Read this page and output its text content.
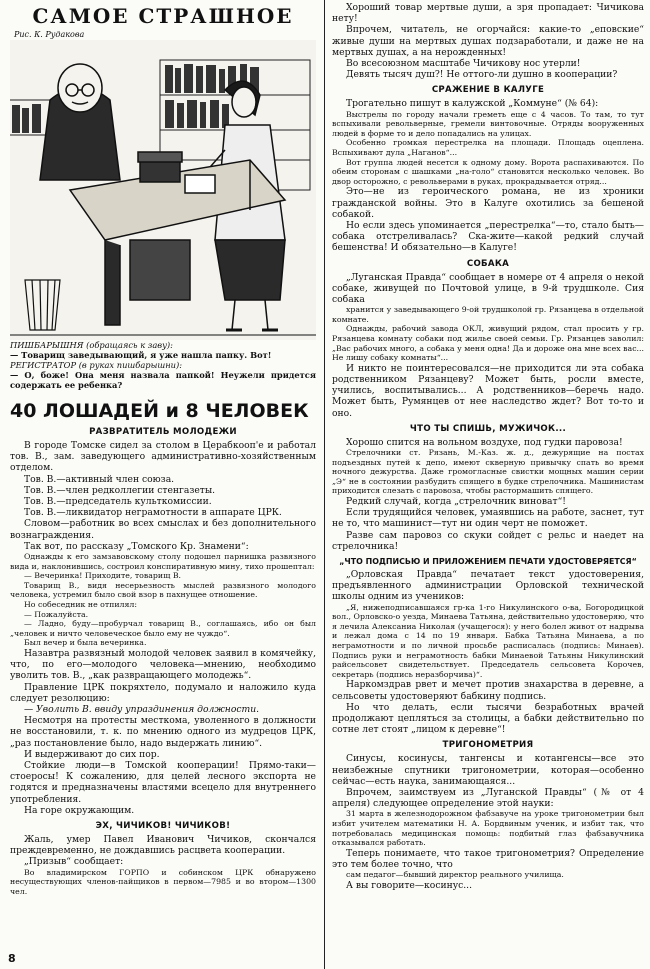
САМОЕ СТРАШНОЕ
Рис. К. Рудакова

ПИШБАРЫШНЯ (обращаясь к заву):
— Товарищ заведывающий, я уже нашла папку. Вот!

РЕГИСТРАТОР (в руках пишбарышни):
— О, боже! Она меня назвала папкой! Неужели придется содержать ее ребенка?

40 ЛОШАДЕЙ и 8 ЧЕЛОВЕК
РАЗВРАТИТЕЛЬ МОЛОДЕЖИ

В городе Томске сидел за столом в Церабкооп'е и работал тов. В., зам. заведующего административно-хозяйственным отделом.

Тов. В.—активный член союза.

Тов. В.—член редколлегии стенгазеты.

Тов. В.—председатель культкомиссии.

Тов. В.—ликвидатор неграмотности в аппарате ЦРК.

Словом—работник во всех смыслах и без дополнительного вознаграждения.

Так вот, по рассказу „Томского Кр. Знамени“:

Однажды к его замзавовскому столу подошел парнишка развязного вида и, наклонившись, состроил конспиративную мину, тихо прошептал:

— Вечеринка! Приходите, товарищ В.

Товарищ В., видя несерьезность мыслей развязного молодого человека, устремил было свой взор в пахнущее отношение.

Но собеседник не отпилял:

— Пожалуйста.

— Ладно, буду—пробурчал товарищ В., соглашаясь, ибо он был „человек и ничто человеческое было ему не чуждо“.

Был вечер и была вечеринка.

Назавтра развязный молодой человек заявил в комячейку, что, по его—молодого человека—мнению, необходимо уволить тов. В., „как развращающего молодежь“.

Правление ЦРК покряхтело, подумало и наложило куда следует резолюцию:

— Уволить В. ввиду упраздинения должности.

Несмотря на протесты месткома, уволенного в должности не восстановили, т. к. по мнению одного из мудрецов ЦРК, „раз постановление было, надо выдержать линию“.

И выдерживают до сих пор.

Стойкие люди—в Томской кооперации! Прямо-таки—стоеросы! К сожалению, для целей лесного экспорта не годятся и предназначены властями всецело для внутреннего употребления.

На горе окружающим.

ЭХ, ЧИЧИКОВ! ЧИЧИКОВ!

Жаль, умер Павел Иванович Чичиков, скончался преждевременно, не дождавшись расцвета кооперации.

„Призыв“ сообщает:

Во владимирском ГОРПО и собинском ЦРК обнаружено несуществующих членов-пайщиков в первом—7985 и во втором—1300 чел.

Хороший товар мертвые души, а зря пропадает: Чичикова нету!

Впрочем, читатель, не огорчайся: какие-то „еповские“ живые души на мертвых душах подзаработали, и даже не на мертвых душах, а на нерожденных!

Во всесоюзном масштабе Чичикову нос утерли!

Девять тысяч душ?! Не оттого-ли душно в кооперации?

СРАЖЕНИЕ В КАЛУГЕ

Трогательно пишут в калужской „Коммуне“ (№ 64):

Выстрелы по городу начали греметь еще с 4 часов. То там, то тут вспыхивали револьверные, гремели винтовочные. Отряды вооруженных людей в форме то и дело попадались на улицах.

Особенно громкая перестрелка на площади. Площадь оцеплена. Вспыхивают дула „Наганов“...

Вот группа людей несется к одному дому. Ворота распахиваются. По обеим сторонам с шашками „на-голо“ становятся несколько человек. Во двор осторожно, с револьверами в руках, прокрадывается отряд...

Это—не из героического романа, не из хроники гражданской войны. Это в Калуге охотились за бешеной собакой.

Но если здесь упоминается „перестрелка“—то, стало быть—собака отстреливалась? Ска-жите—какой редкий случай бешенства! И обязательно—в Калуге!

СОБАКА

„Луганская Правда“ сообщает в номере от 4 апреля о некой собаке, живущей по Почтовой улице, в 9-й трудшколе. Сия собака

хранится у заведывающего 9-ой трудшколой гр. Рязанцева в отдельной комнате.

Однажды, рабочий завода ОКЛ, живущий рядом, стал просить у гр. Рязанцева комнату собаки под жилье своей семьи. Гр. Рязанцев заволил: „Вас рабочих много, а собака у меня одна! Да и дороже она мне всех вас... Не лишу собаку комнаты“...

И никто не поинтересовался—не приходится ли эта собака родственником Рязанцеву? Может быть, росли вместе, учились, воспитывались... А родственников—беречь надо. Может быть, Румянцев от нее наследство ждет? Вот то-то и оно.

ЧТО ТЫ СПИШЬ, МУЖИЧОК...

Хорошо спится на вольном воздухе, под гудки паровоза!

Стрелочники ст. Рязань, М.-Каз. ж. д., дежурящие на постах подъездных путей к депо, имеют скверную привычку спать во время ночного дежурства. Даже громогласные свистки мощных машин серии „Э“ не в состоянии разбудить спящего в будке стрелочника. Машинистам приходится слезать с паровоза, чтобы растормашить спящего.

Редкий случай, когда „стрелочник виноват“!

Если трудящийся человек, умаявшись на работе, заснет, тут не то, что машинист—тут ни один черт не поможет.

Разве сам паровоз со скуки сойдет с рельс и наедет на стрелочника!

„ЧТО ПОДПИСЬЮ И ПРИЛОЖЕНИЕМ ПЕЧАТИ УДОСТОВЕРЯЕТСЯ“

„Орловская Правда“ печатает текст удостоверения, предъявленного администрации Орловской технической школы одним из учеников:

„Я, нижеподписавшаяся гр-ка 1-го Никулинского о-ва, Богородицкой вол., Орловско-о уезда, Минаева Татьяна, действительно удостоверяю, что я лечила Алексаниа Николая (учащегося): у него болел живот от надрыва и лежал дома с 14 по 19 января. Бабка Татьяна Минаева, а по неграмотности и по личной просьбе расписалась (подпись: Минаев). Подпись руки и неграмотность бабки Минаевой Татьяны Никулинский райсельсовет свидетельствует. Председатель сельсовета Корочев, секретарь (подпись неразборчива)“.

Наркомздрав рвет и мечет против знахарства в деревне, а сельсоветы удостоверяют бабкину подпись.

Но что делать, если тысячи безработных врачей продолжают цепляться за столицы, а бабки действительно по сотне лет стоят „лицом к деревне“!

ТРИГОНОМЕТРИЯ

Синусы, косинусы, тангенсы и котангенсы—все это неизбежные спутники тригонометрии, которая—особенно сейчас—есть наука, занимающаяся...

Впрочем, заимствуем из „Луганской Правды“ (№ от 4 апреля) следующее определение этой науки:

31 марта в железнодорожном фабзавуче на уроке тригонометрии был избит учителем математики Н. А. Бордвиным ученик, и избит так, что потребовалась медицинская помощь: подбитый глаз фабзавучника отказывался работать.

Теперь понимаете, что такое тригонометрия? Определение это тем более точно, что

сам педагог—бывший директор реального училища.

А вы говорите—косинус...

8
